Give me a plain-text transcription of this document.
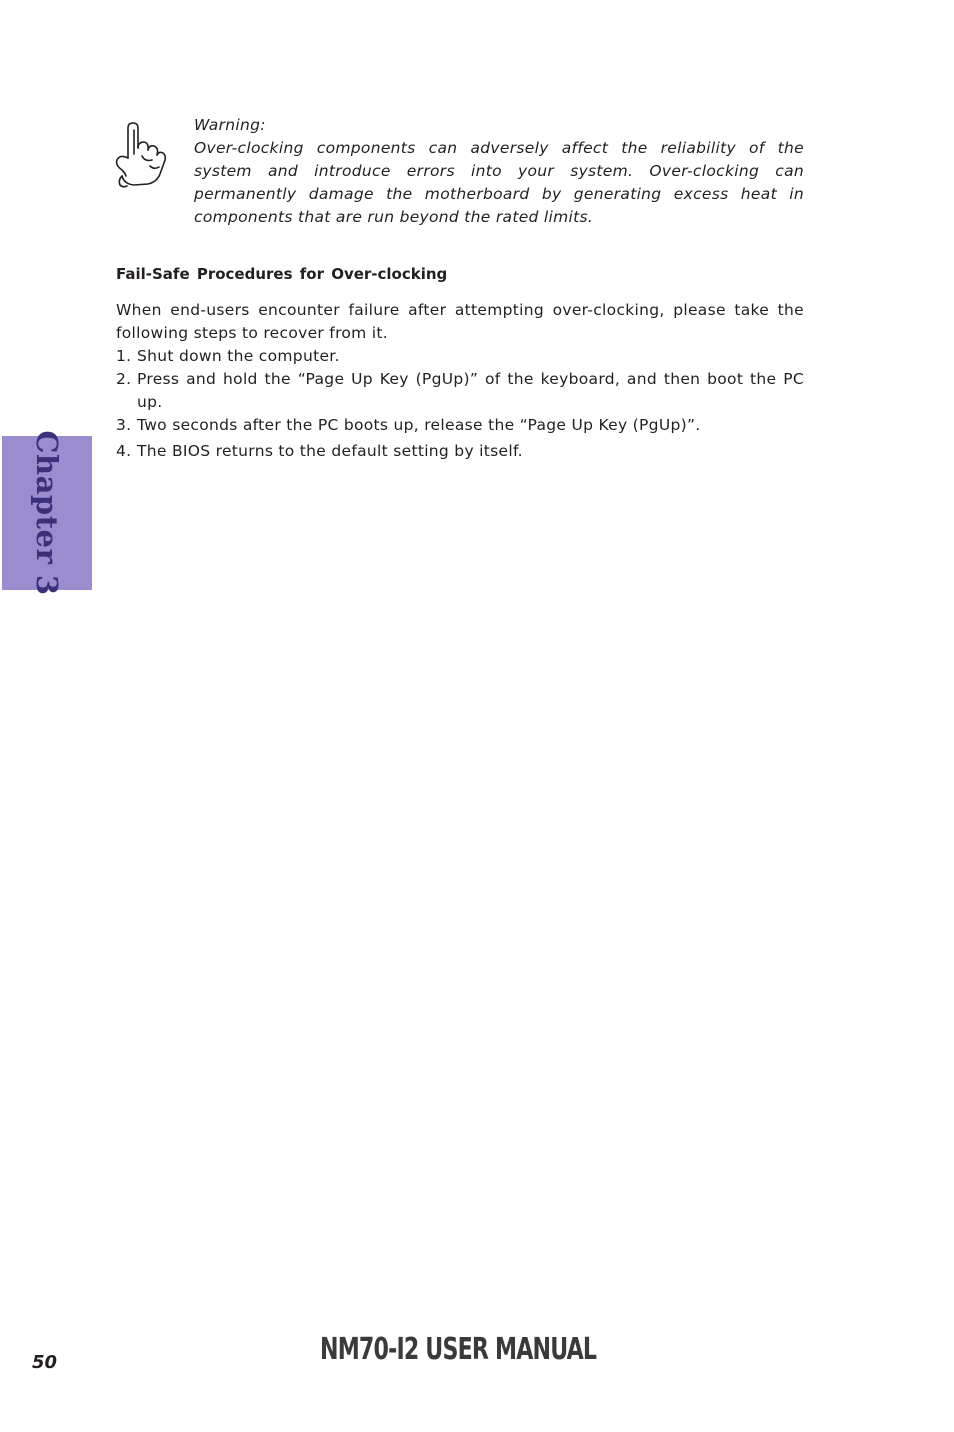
Warning:
Over-clocking components can adversely affect the reliability of the system and introduce errors into your system. Over-clocking can permanently damage the motherboard by generating excess heat in components that are run beyond the rated limits.
Fail-Safe Procedures for Over-clocking
When end-users encounter failure after attempting over-clocking, please take the following steps to recover from it.
1. Shut down the computer.
2. Press and hold the “Page Up Key (PgUp)” of the keyboard, and then boot the PC up.
3. Two seconds after the PC boots up, release the “Page Up Key (PgUp)”.
4. The BIOS returns to the default setting by itself.
Chapter 3
50	NM70-I2 USER MANUAL
